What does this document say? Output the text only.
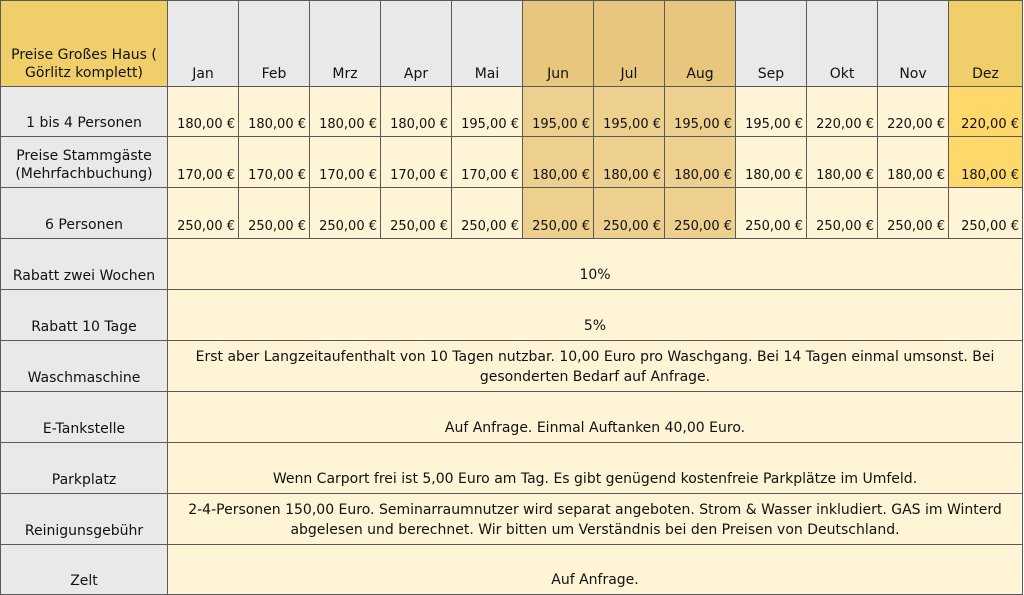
Preise Großes Haus ( Görlitz komplett)	Jan	Feb	Mrz	Apr	Mai	Jun	Jul	Aug	Sep	Okt	Nov	Dez
1 bis 4 Personen	180,00 €	180,00 €	180,00 €	180,00 €	195,00 €	195,00 €	195,00 €	195,00 €	195,00 €	220,00 €	220,00 €	220,00 €
Preise Stammgäste (Mehrfachbuchung)	170,00 €	170,00 €	170,00 €	170,00 €	170,00 €	180,00 €	180,00 €	180,00 €	180,00 €	180,00 €	180,00 €	180,00 €
6 Personen	250,00 €	250,00 €	250,00 €	250,00 €	250,00 €	250,00 €	250,00 €	250,00 €	250,00 €	250,00 €	250,00 €	250,00 €
Rabatt zwei Wochen	10%											
Rabatt 10 Tage	5%											
Waschmaschine	Erst aber Langzeitaufenthalt von 10 Tagen nutzbar. 10,00 Euro pro Waschgang. Bei 14 Tagen einmal umsonst. Bei gesonderten Bedarf auf Anfrage.											
E-Tankstelle	Auf Anfrage. Einmal Auftanken 40,00 Euro.											
Parkplatz	Wenn Carport frei ist 5,00 Euro am Tag. Es gibt genügend kostenfreie Parkplätze im Umfeld.											
Reinigunsgebühr	2-4-Personen 150,00 Euro. Seminarraumnutzer wird separat angeboten. Strom & Wasser inkludiert. GAS im Winterd abgelesen und berechnet. Wir bitten um Verständnis bei den Preisen von Deutschland.											
Zelt	Auf Anfrage.											
